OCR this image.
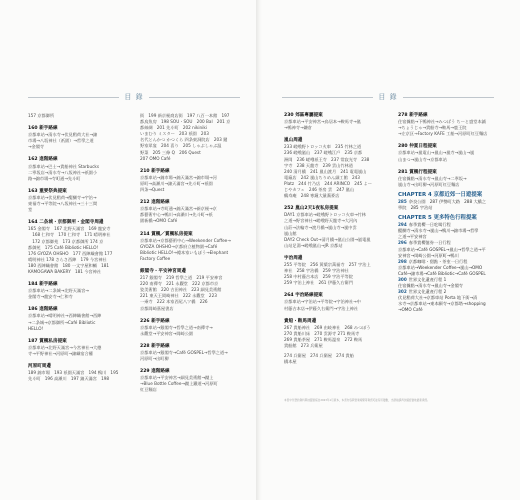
目 錄	目 錄
157 京都御所
160 新手路線
京都車站→清水寺→伏見稻荷大社→錦
市場→八坂神社（祇園）→哲學之道
→金閣寺
162 進階路線
京都車站→巴士→貴船神社 Starbucks
二寧坂店→清水寺→八坂神社→祇園小
路→錦市場→寺町通→先斗町
163 重要祭典提案
京都車站→伏見稻荷→醍醐寺→宇治→
東福寺→平等院→八坂神社→三十三間
堂
164 二条城・京都御所・金閣寺周邊
165 金閣寺　167 北野天滿宮　169 龍安寺
　168 仁和寺　170 仁和寺　171 晴明神社
　172 京都御苑　173 京都御所 174 京
都御苑　175 Café Bibliotic HELLO!
176 GYOZA OHSHO　177 西陣織會館 177
晴明神社 178 さらさ西陣　179 今宮神社
180 西陣織會館　180 一文字屋和輔　181
KAMOGAWA BAKERY　181 今宮神社
184 新手路線
京都車站→二条城→北野天滿宮→
金閣寺→龍安寺→仁和寺
186 進階路線
京都車站→晴明神社→西陣織會館→西陣
→二条城→京都御所→Café Bibliotic
HELLO!
187 賞楓私房提案
京都車站→北野天滿宮→今宮神社→大德
寺→平野神社→河原町→錦織宿合權
河原町周邊
189 錦市場　193 祇園天滿宮　194 鴨川　195
先斗町　196 高瀨川　197 錦天滿宮　198
街　199 新京極商店街　197 八百一本館　197
都鳥魚房　198 SOU・SOU　200 Bal　201 京
都絲綢　201 先斗町　202 nikiniki
いまむり ミスター　203 祇園　203
名代とんかつ かつくら 四条東洞院店　203 鍵
野家眾宴　204 喜り　205 しゃぶしゃぶ温
野菜　205 三條 Q　206 Quest
207 OMO Café
210 新手路線
京都車站→錦市場→錦天滿宮→錦市場→河
原町→高瀨川→錦天滿宮→先斗町→祇園
四条→Quest
212 進階路線
京都車站→寺町通→錦天滿宮→新京極→京
都藝術中心→鴨川→高瀨川→先斗町→祇
園新橋→OMO Café
214 賞楓／賞楓私房提案
京都車站→京都藝術中心→Weekender Coffee→
GYOZA OHSHO→京都府立植物園→Café
Bibliotic HELLO!→總本家いもぼう→Elephant
Factory Coffee
銀閣寺・平安神宮周邊
217 銀閣寺　219 哲學之道　219 平安神宮
220 南禪寺　221 永觀堂　222 京都市京
瓷美術館　220 吉田神社　223 細見美術館
221 東天王岡崎神社　222 永觀堂　223
一乘寺　222 本家西尾八ツ橋　226
京都岡崎蔦屋書店
226 新手路線
京都車站→銀閣寺→哲學之道→南禪寺→
永觀堂→平安神宮→岡崎公園
228 新手路線
京都車站→銀閣寺→Café GOSPEL→哲學之道→
河原町→出町柳
229 進階路線
京都車站→平安神宮→細見美術館→蹴上
→Blue Bottle Coffee→蹴上鐵道→河原町
紅豆麵店
230 郊區專屬提案
京都車站→平安神宮→鳥居本→鞍馬寺→嵐
→鴨神寺→鎌倉
嵐山周邊
233 嵯峨野トロッコ火車　235 竹林之道
236 嵯峨嵐山　237 嵯峨江戶　235 京都
洲岡　236 嵯峨祇王寺　237 常寂光寺　238
宇寺　238 天龍寺　239 雲山竹林道
240 清月橋　241 嵐山渡月　241 電電嵐山
電廠店　242 嵐山ちりめん細工館　243
Platz　244 竹乃店　244 ARINCO　245 よー
じやカフェ　246 茶房 雲　247 嵐山
鶴寿庵　248 寒鐘大量蕎麥店
252 嵐山2天1夜私房提案
DAY1 京都車站→嵯峨野トロッコ火車→竹林
之道→野宮神社→嵯峨野天龍寺→大河內
山莊→法輪寺→渡月橋→嵐山寺→嵐中雲
嵐山館
DAY2 Check Out→清月橋→嵐山公園→嵐電嵐
山站足湯→嵯峨嵐山→JR 京都站
宇治周邊
255 平等院　256 黃檗宗萬福寺　257 字治上
神社　258 宇治橋　259 宇治神社
258 中村藤吉本店　259 宇治平等院
259 宇治上神社　261 伊藤久右衛門
264 宇治路線提案
京都車站→宇治站→平等院→宇治神社→中
村藤吉本店→伊藤久右衛門→宇治上神社
貴船・鞍馬周邊
267 貴船神社　269 由岐神社　268 みつぼう
270 貴船川床　270 雲源寺 271 鞍馬寺
269 貴船茶屋　271 鞍馬溫泉　272 鞍馬
貴船館　273 兵衛屋
274 兵衛屋　274 兵衛屋　274 貴船
橋本屋
278 新手路線
住宿據點→下鴨神社→みつばう ちーと盛堂本鋪
→ちょうじゃ→貴船寺→鞍馬→鹿王院
→左京区→Factory KAFE 工船→河原町紅豆麵店
280 仲夏日程提案
京都車站→嵐電山→嵐山→嵐寺→嵐山→嵐
山まつ→嵐山寺→京都車站
281 賞楓行程提案
住宿據點→清水寺→嵐山寺→二寧坂→
嵐山寺→出町柳→河原町紅豆麵店
CHAPTER 4 京都近郊一日遊提案
285 奈良公園　287 伊勢町大路　288 大橋之
寧院　285 宇治站
CHAPTER 5 更多特色行程提案
294 春季賞櫻一日吃喝行程
醍醐寺→清水寺→嵐山→鴨川→錦市場→哲學
之道→平安神宮
296 春季賞櫻億券一日行程
京都車站→Café GOSPEL→嵐山→哲學之道→平
安神宮→岡崎公園→河原町→鴨川
298 京都咖啡・甜點・茶室一日行程
京都車站→Weekender Coffee→嵐山→OMO
Café→錦市場→Café Bibliotic→Café GOSPEL
300 世界文化遺產行程 1
住宿據點→清水寺→嵐山寺→金閣寺
302 世界文化遺產行程 2
伏見稻荷大社→京都車站 Porta 地下街→清
水寺→京都車站→東本願寺→京都塔→shopping
→OMO Café
本書中刊登的資料與地圖皆採自2023年1月版本，本書內容與營業時間等資訊可能有所變動，出發前請再次確認當地最新資訊。
